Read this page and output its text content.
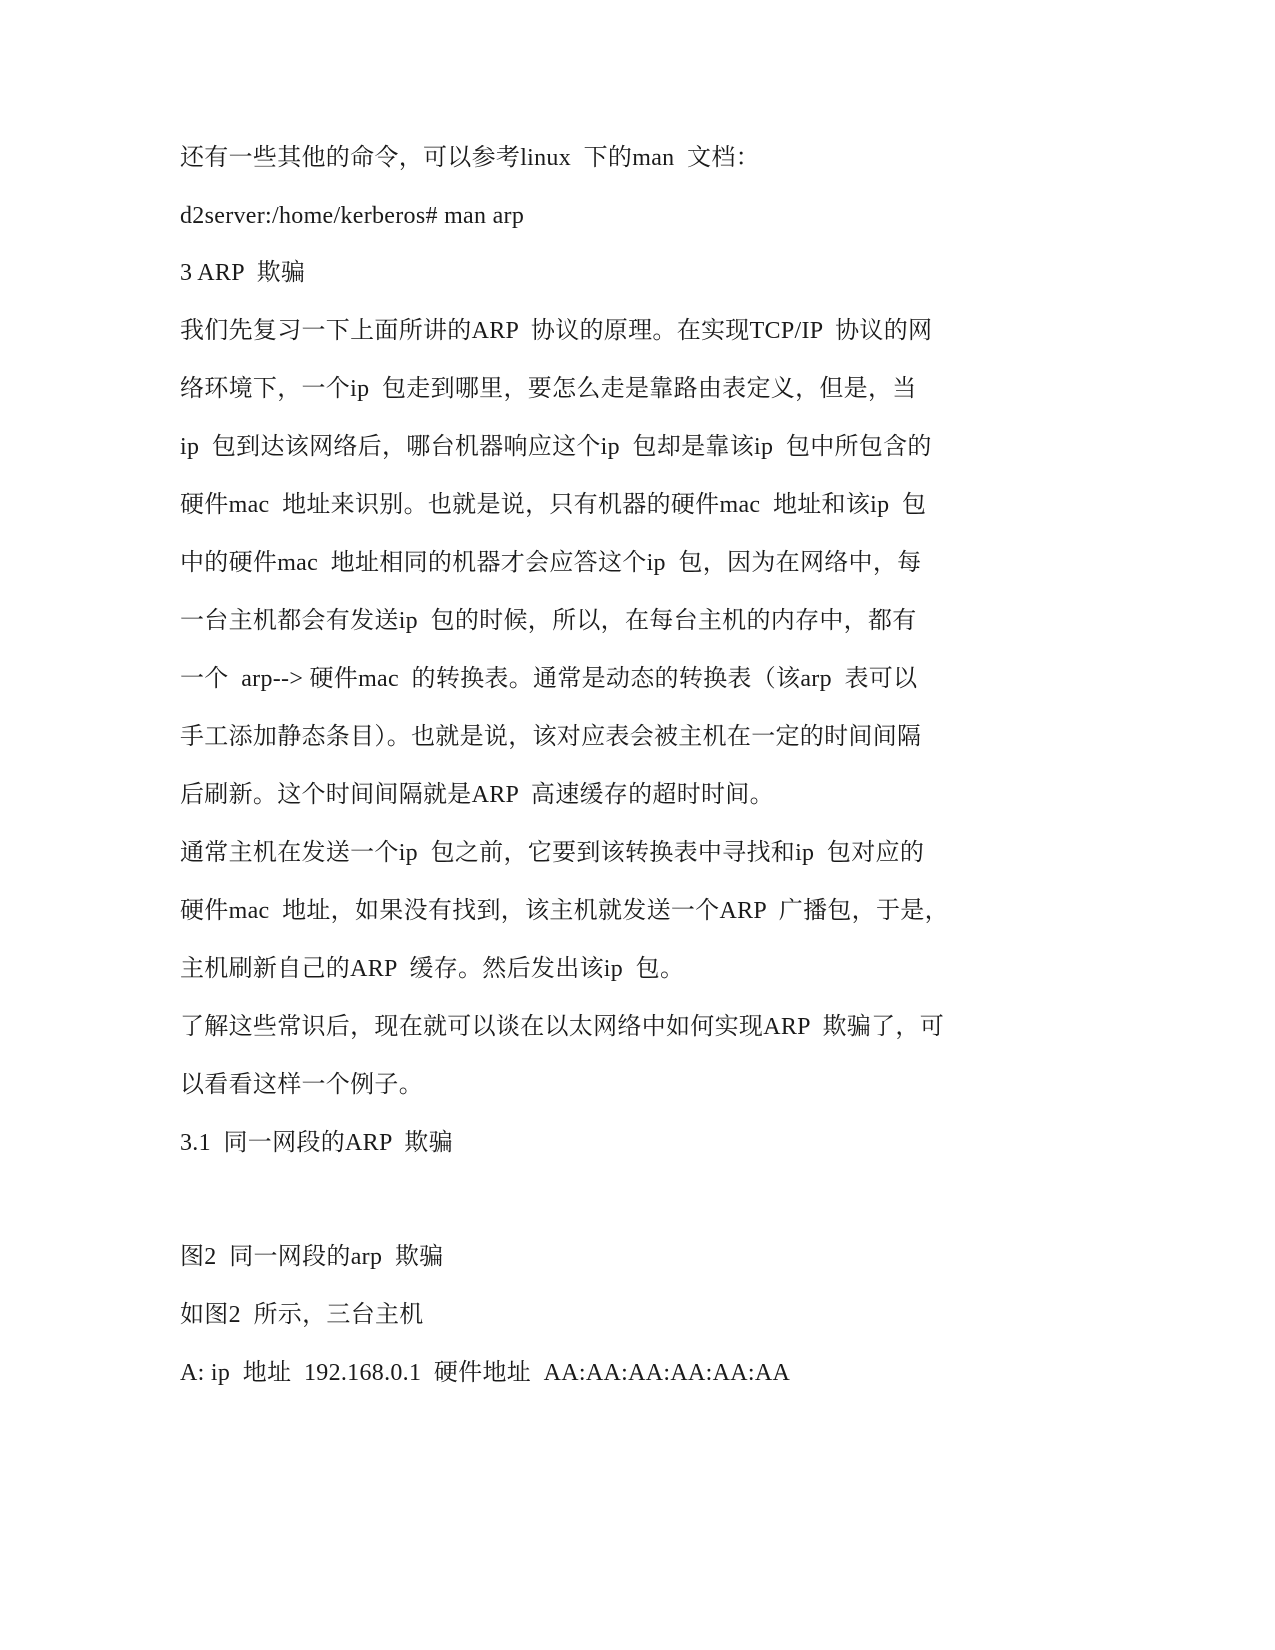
还有一些其他的命令，可以参考linux  下的man  文档：
d2server:/home/kerberos# man arp
3 ARP  欺骗
我们先复习一下上面所讲的ARP  协议的原理。在实现TCP/IP  协议的网
络环境下，一个ip  包走到哪里，要怎么走是靠路由表定义，但是，当
ip  包到达该网络后，哪台机器响应这个ip  包却是靠该ip  包中所包含的
硬件mac  地址来识别。也就是说，只有机器的硬件mac  地址和该ip  包
中的硬件mac  地址相同的机器才会应答这个ip  包，因为在网络中，每
一台主机都会有发送ip  包的时候，所以，在每台主机的内存中，都有
一个  arp--> 硬件mac  的转换表。通常是动态的转换表（该arp  表可以
手工添加静态条目）。也就是说，该对应表会被主机在一定的时间间隔
后刷新。这个时间间隔就是ARP  高速缓存的超时时间。
通常主机在发送一个ip  包之前，它要到该转换表中寻找和ip  包对应的
硬件mac  地址，如果没有找到，该主机就发送一个ARP  广播包，于是，
主机刷新自己的ARP  缓存。然后发出该ip  包。
了解这些常识后，现在就可以谈在以太网络中如何实现ARP  欺骗了，可
以看看这样一个例子。
3.1  同一网段的ARP  欺骗
图2  同一网段的arp  欺骗
如图2  所示，三台主机
A: ip  地址  192.168.0.1  硬件地址  AA:AA:AA:AA:AA:AA
